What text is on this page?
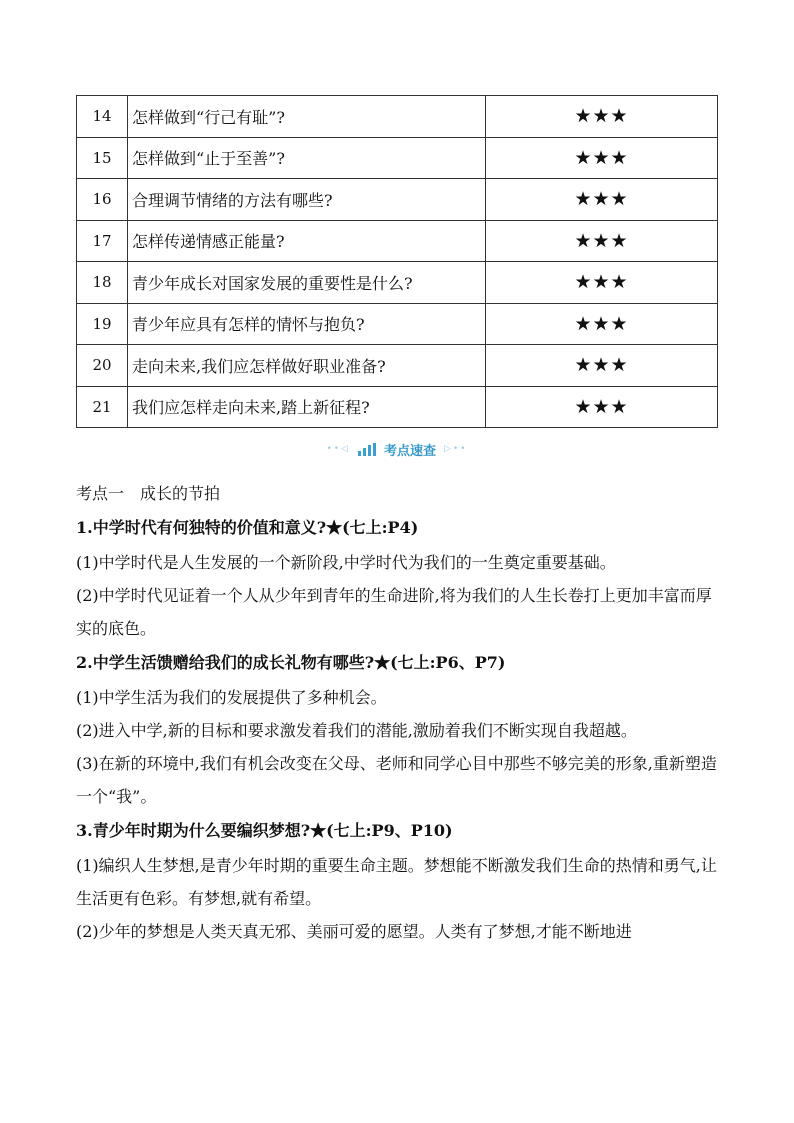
14	怎样做到“行己有耻”?	★★★
15	怎样做到“止于至善”?	★★★
16	合理调节情绪的方法有哪些?	★★★
17	怎样传递情感正能量?	★★★
18	青少年成长对国家发展的重要性是什么?	★★★
19	青少年应具有怎样的情怀与抱负?	★★★
20	走向未来,我们应怎样做好职业准备?	★★★
21	我们应怎样走向未来,踏上新征程?	★★★
••◁	考点速查 ▷••
考点一　成长的节拍
1.中学时代有何独特的价值和意义?★(七上:P4)

(1)中学时代是人生发展的一个新阶段,中学时代为我们的一生奠定重要基础。

(2)中学时代见证着一个人从少年到青年的生命进阶,将为我们的人生长卷打上更加丰富而厚实的底色。

2.中学生活馈赠给我们的成长礼物有哪些?★(七上:P6、P7)

(1)中学生活为我们的发展提供了多种机会。

(2)进入中学,新的目标和要求激发着我们的潜能,激励着我们不断实现自我超越。

(3)在新的环境中,我们有机会改变在父母、老师和同学心目中那些不够完美的形象,重新塑造一个“我”。

3.青少年时期为什么要编织梦想?★(七上:P9、P10)

(1)编织人生梦想,是青少年时期的重要生命主题。梦想能不断激发我们生命的热情和勇气,让生活更有色彩。有梦想,就有希望。

(2)少年的梦想是人类天真无邪、美丽可爱的愿望。人类有了梦想,才能不断地进
